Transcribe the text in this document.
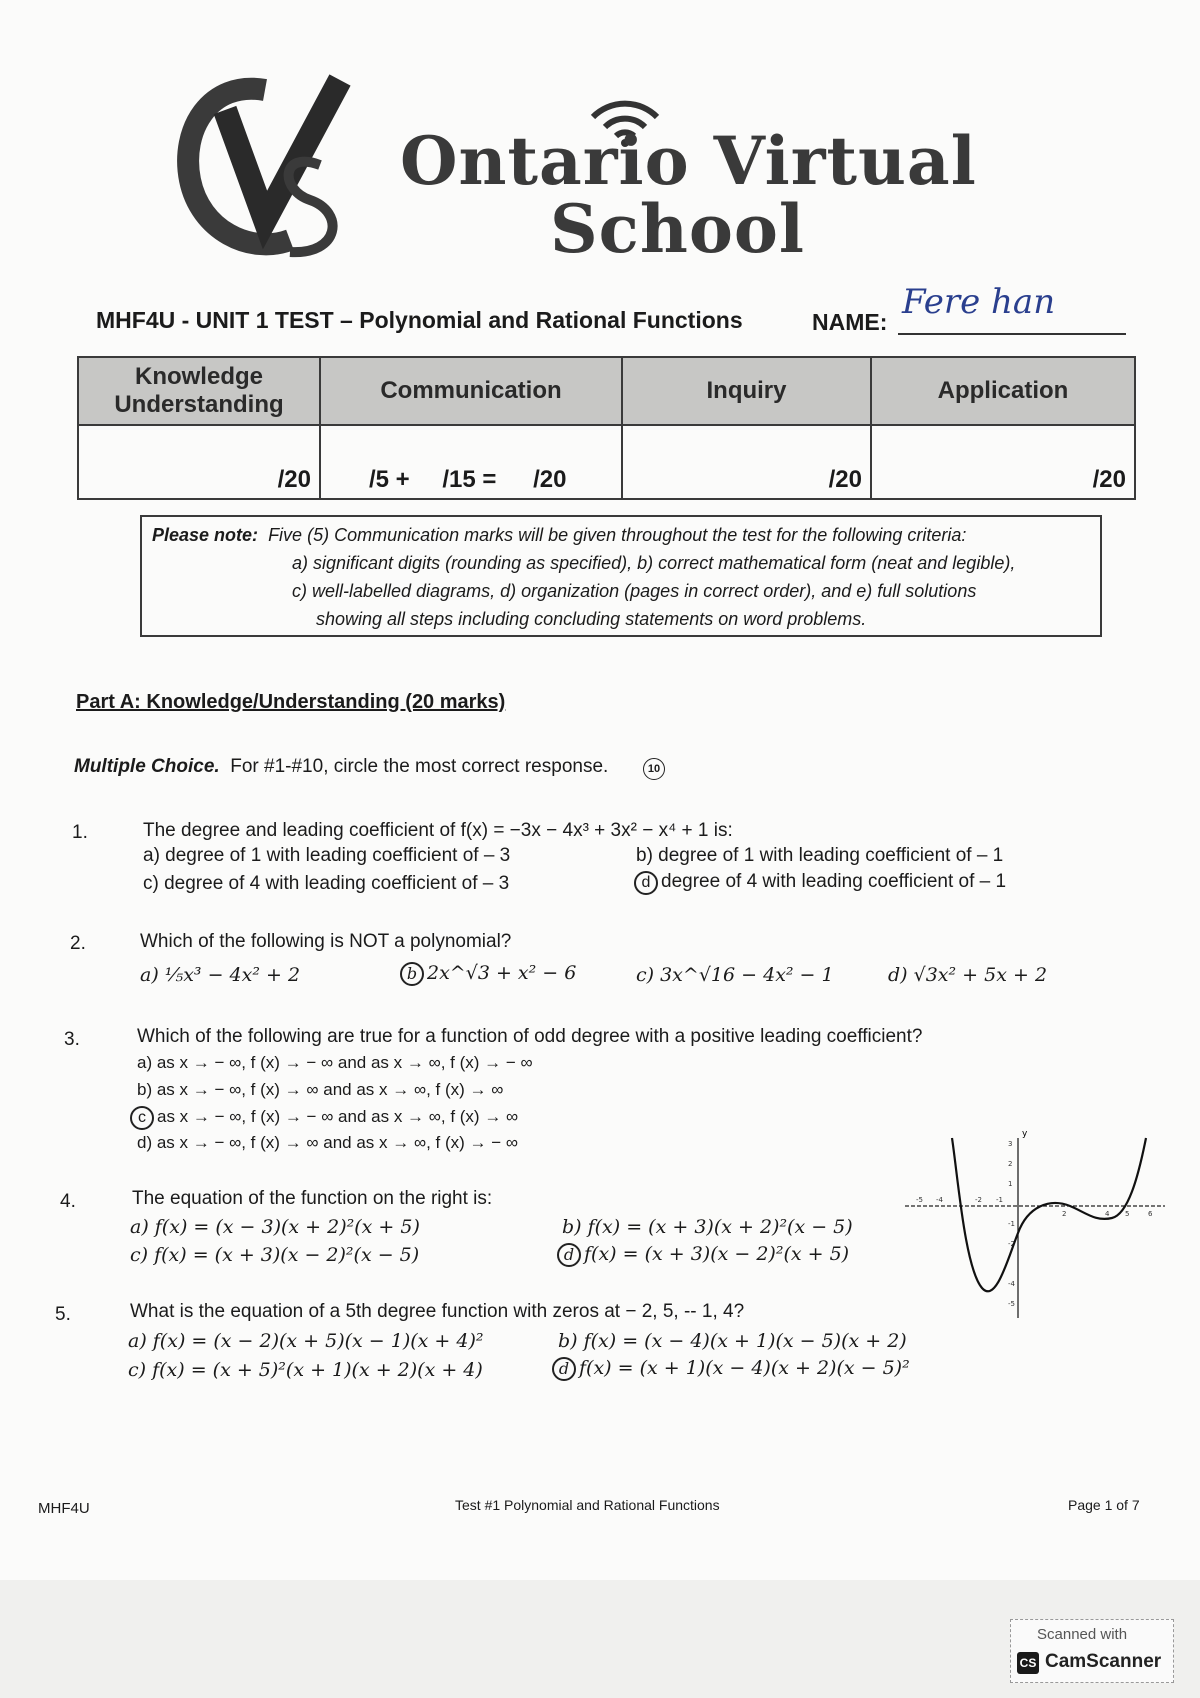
Ontario Virtual
School
MHF4U - UNIT 1 TEST – Polynomial and Rational Functions	NAME: Fere han
Knowledge Understanding	Communication	Inquiry	Application
/20	/5 + /15 = /20	/20	/20
Please note: Five (5) Communication marks will be given throughout the test for the following criteria:
a) significant digits (rounding as specified), b) correct mathematical form (neat and legible),
c) well-labelled diagrams, d) organization (pages in correct order), and e) full solutions
showing all steps including concluding statements on word problems.
Part A: Knowledge/Understanding (20 marks)
Multiple Choice. For #1-#10, circle the most correct response.	10
1.	The degree and leading coefficient of f(x) = −3x − 4x³ + 3x² − x⁴ + 1 is:
a) degree of 1 with leading coefficient of – 3	b) degree of 1 with leading coefficient of – 1
c) degree of 4 with leading coefficient of – 3	d degree of 4 with leading coefficient of – 1
2.	Which of the following is NOT a polynomial?
a) ⅕x³ − 4x² + 2	b 2x^√3 + x² − 6	c) 3x^√16 − 4x² − 1	d) √3x² + 5x + 2
3.	Which of the following are true for a function of odd degree with a positive leading coefficient?
a) as x → − ∞, f (x) → − ∞ and as x → ∞, f (x) → − ∞
b) as x → − ∞, f (x) → ∞ and as x → ∞, f (x) → ∞
c as x → − ∞, f (x) → − ∞ and as x → ∞, f (x) → ∞
d) as x → − ∞, f (x) → ∞ and as x → ∞, f (x) → − ∞
4.	The equation of the function on the right is:
a) f(x) = (x − 3)(x + 2)²(x + 5)	b) f(x) = (x + 3)(x + 2)²(x − 5)
c) f(x) = (x + 3)(x − 2)²(x − 5)	d f(x) = (x + 3)(x − 2)²(x + 5)
5.	What is the equation of a 5th degree function with zeros at − 2, 5, -- 1, 4?
a) f(x) = (x − 2)(x + 5)(x − 1)(x + 4)²	b) f(x) = (x − 4)(x + 1)(x − 5)(x + 2)
c) f(x) = (x + 5)²(x + 1)(x + 2)(x + 4)	d f(x) = (x + 1)(x − 4)(x + 2)(x − 5)²
y
-5 -4	-2 -1
2	4 5	6
3
2
1
-1
-2
-4
-5
MHF4U	Test #1 Polynomial and Rational Functions	Page 1 of 7
Scanned with
CS CamScanner
